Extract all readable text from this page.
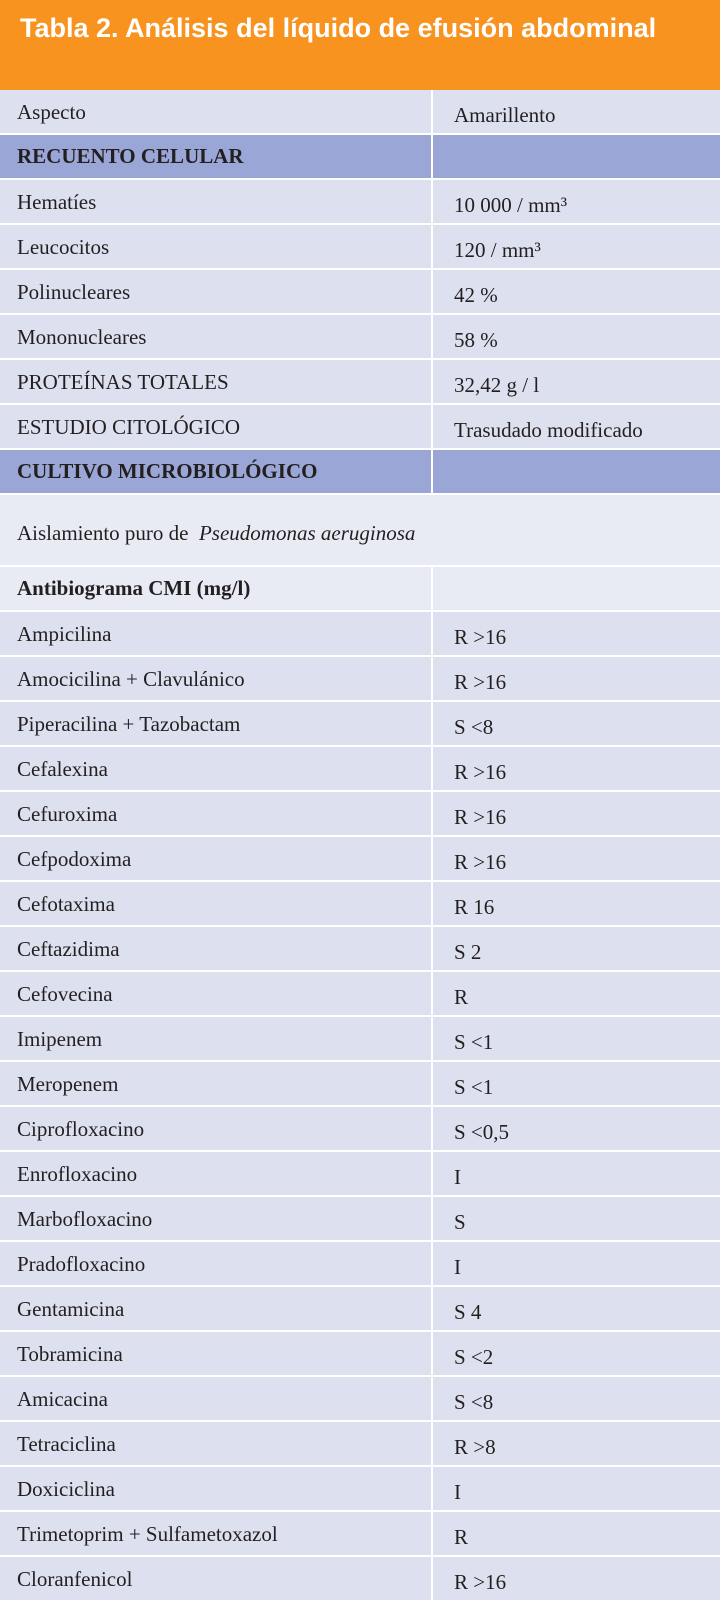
Tabla 2. Análisis del líquido de efusión abdominal
Aspecto	Amarillento
RECUENTO CELULAR
Hematíes	10 000 / mm³
Leucocitos	120 / mm³
Polinucleares	42 %
Mononucleares	58 %
PROTEÍNAS TOTALES	32,42 g / l
ESTUDIO CITOLÓGICO	Trasudado modificado
CULTIVO MICROBIOLÓGICO
Aislamiento puro de Pseudomonas aeruginosa
Antibiograma CMI (mg/l)
Ampicilina	R >16
Amocicilina + Clavulánico	R >16
Piperacilina + Tazobactam	S <8
Cefalexina	R >16
Cefuroxima	R >16
Cefpodoxima	R >16
Cefotaxima	R 16
Ceftazidima	S 2
Cefovecina	R
Imipenem	S <1
Meropenem	S <1
Ciprofloxacino	S <0,5
Enrofloxacino	I
Marbofloxacino	S
Pradofloxacino	I
Gentamicina	S 4
Tobramicina	S <2
Amicacina	S <8
Tetraciclina	R >8
Doxiciclina	I
Trimetoprim + Sulfametoxazol	R
Cloranfenicol	R >16
